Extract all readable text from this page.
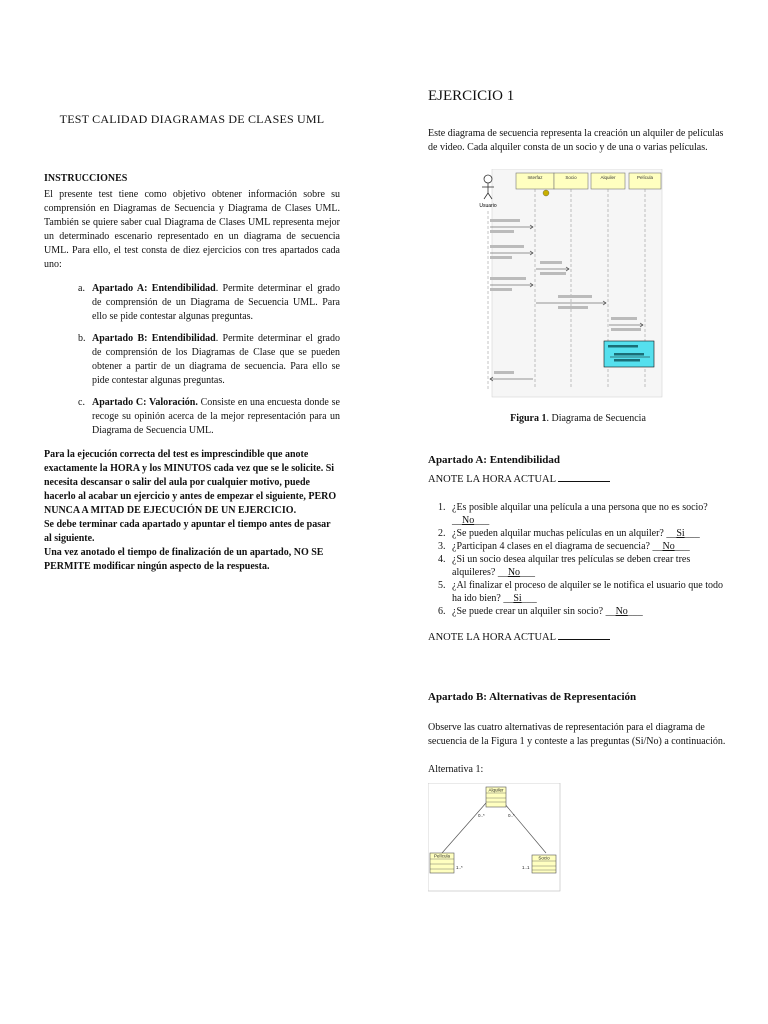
TEST CALIDAD DIAGRAMAS DE CLASES UML
INSTRUCCIONES

El presente test tiene como objetivo obtener información sobre su comprensión en Diagramas de Secuencia y Diagrama de Clases UML. También se quiere saber cual Diagrama de Clases UML representa mejor un determinado escenario representado en un diagrama de secuencia UML. Para ello, el test consta de diez ejercicios con tres apartados cada uno:

a. Apartado A: Entendibilidad. Permite determinar el grado de comprensión de un Diagrama de Secuencia UML. Para ello se pide contestar algunas preguntas.
b. Apartado B: Entendibilidad. Permite determinar el grado de comprensión de los Diagramas de Clase que se pueden obtener a partir de un diagrama de secuencia. Para ello se pide contestar algunas preguntas.
c. Apartado C: Valoración. Consiste en una encuesta donde se recoge su opinión acerca de la mejor representación para un Diagrama de Secuencia UML.
Para la ejecución correcta del test es imprescindible que anote exactamente la HORA y los MINUTOS cada vez que se le solicite. Si necesita descansar o salir del aula por cualquier motivo, puede hacerlo al acabar un ejercicio y antes de empezar el siguiente, PERO NUNCA A MITAD DE EJECUCIÓN DE UN EJERCICIO.
Se debe terminar cada apartado y apuntar el tiempo antes de pasar al siguiente.
Una vez anotado el tiempo de finalización de un apartado, NO SE PERMITE modificar ningún aspecto de la respuesta.
EJERCICIO 1

Este diagrama de secuencia representa la creación un alquiler de películas de video. Cada alquiler consta de un socio y de una o varias películas.

Usuario
Interfaz	Socio	Alquiler	Película
Figura 1. Diagrama de Secuencia
Apartado A: Entendibilidad
ANOTE LA HORA ACTUAL
1. ¿Es posible alquilar una película a una persona que no es socio? __No___
2. ¿Se pueden alquilar muchas películas en un alquiler? __Si___
3. ¿Participan 4 clases en el diagrama de secuencia? __No___
4. ¿Si un socio desea alquilar tres películas se deben crear tres alquileres? __No___
5. ¿Al finalizar el proceso de alquiler se le notifica el usuario que todo ha ido bien? __Si___
6. ¿Se puede crear un alquiler sin socio? __No___
ANOTE LA HORA ACTUAL
Apartado B: Alternativas de Representación

Observe las cuatro alternativas de representación para el diagrama de secuencia de la Figura 1 y conteste a las preguntas (Si/No) a continuación.

Alternativa 1:
Alquiler
Película	Socio
0..*	0..*
1..*	1..1
